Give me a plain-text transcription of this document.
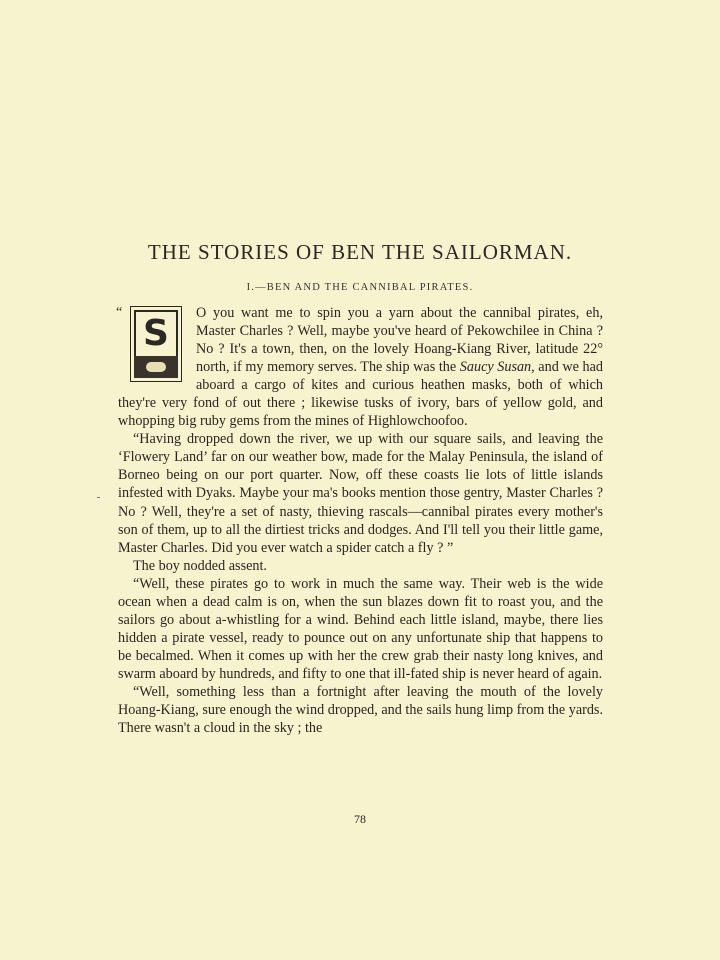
THE STORIES OF BEN THE SAILORMAN.
I.—BEN AND THE CANNIBAL PIRATES.
“

S O you want me to spin you a yarn about the cannibal pirates, eh, Master Charles ? Well, maybe you've heard of Pekowchilee in China ? No ? It's a town, then, on the lovely Hoang-Kiang River, latitude 22° north, if my memory serves. The ship was the Saucy Susan, and we had aboard a cargo of kites and curious heathen masks, both of which they're very fond of out there ; likewise tusks of ivory, bars of yellow gold, and whopping big ruby gems from the mines of Highlowchoofoo.

“Having dropped down the river, we up with our square sails, and leaving the ‘Flowery Land’ far on our weather bow, made for the Malay Peninsula, the island of Borneo being on our port quarter. Now, off these coasts lie lots of little islands infested with Dyaks. Maybe your ma's books mention those gentry, Master Charles ? No ? Well, they're a set of nasty, thieving rascals—cannibal pirates every mother's son of them, up to all the dirtiest tricks and dodges. And I'll tell you their little game, Master Charles. Did you ever watch a spider catch a fly ? ”

The boy nodded assent.

“Well, these pirates go to work in much the same way. Their web is the wide ocean when a dead calm is on, when the sun blazes down fit to roast you, and the sailors go about a-whistling for a wind. Behind each little island, maybe, there lies hidden a pirate vessel, ready to pounce out on any unfortunate ship that happens to be becalmed. When it comes up with her the crew grab their nasty long knives, and swarm aboard by hundreds, and fifty to one that ill-fated ship is never heard of again.

“Well, something less than a fortnight after leaving the mouth of the lovely Hoang-Kiang, sure enough the wind dropped, and the sails hung limp from the yards. There wasn't a cloud in the sky ; the

78
